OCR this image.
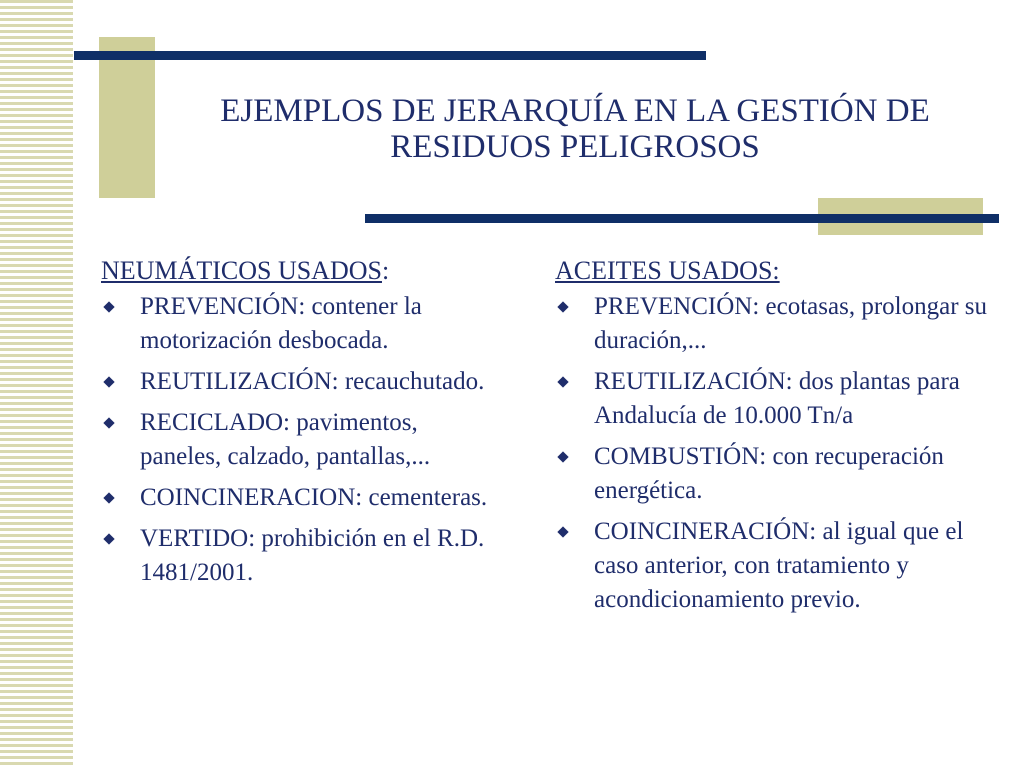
EJEMPLOS DE JERARQUÍA EN LA GESTIÓN DE
RESIDUOS PELIGROSOS

NEUMÁTICOS USADOS:

PREVENCIÓN: contener la motorización desbocada.
REUTILIZACIÓN: recauchutado.
RECICLADO: pavimentos, paneles, calzado, pantallas,...
COINCINERACION: cementeras.
VERTIDO: prohibición en el R.D. 1481/2001.

ACEITES USADOS:

PREVENCIÓN: ecotasas, prolongar su duración,...
REUTILIZACIÓN: dos plantas para Andalucía de 10.000 Tn/a
COMBUSTIÓN: con recuperación energética.
COINCINERACIÓN: al igual que el caso anterior, con tratamiento y acondicionamiento previo.
